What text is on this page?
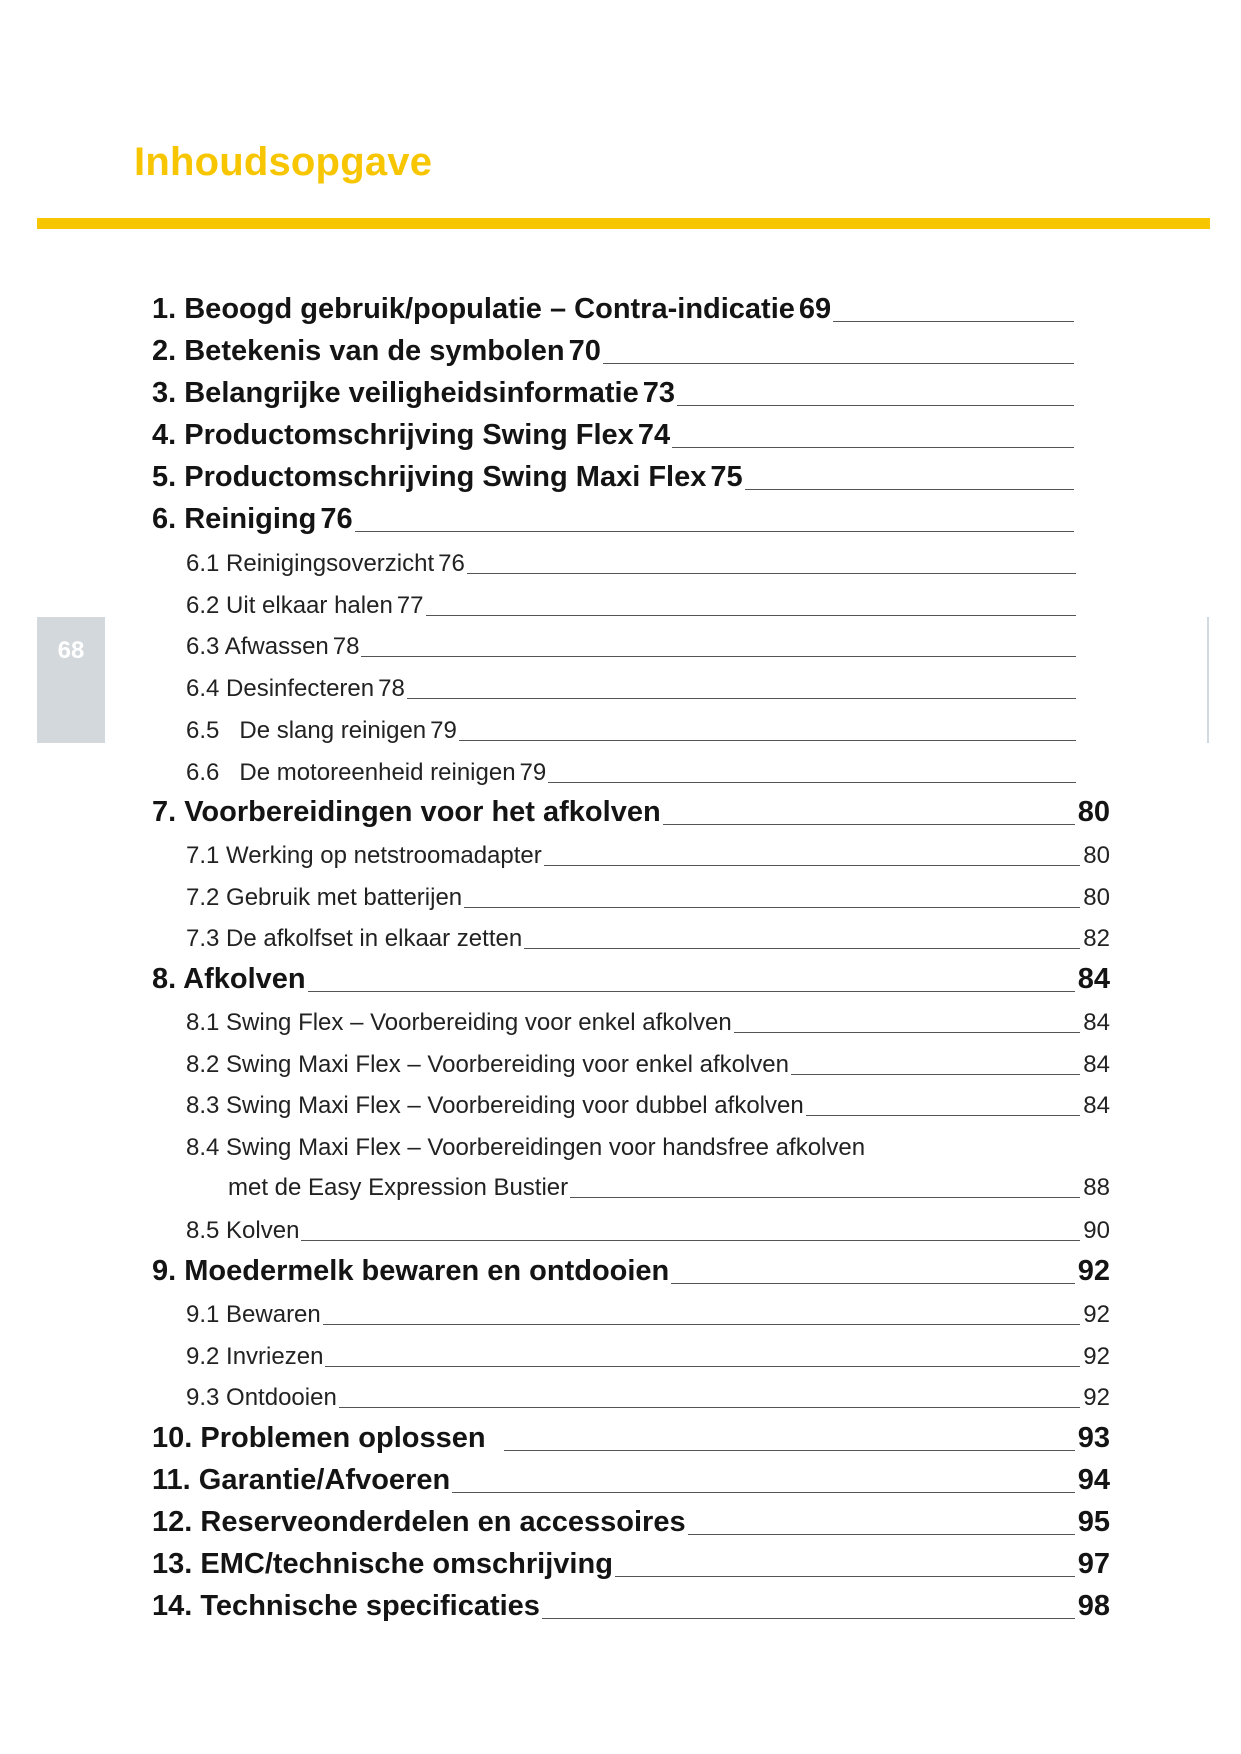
Inhoudsopgave
68
1. Beoogd gebruik/populatie – Contra-indicatie 69
2. Betekenis van de symbolen 70
3. Belangrijke veiligheidsinformatie 73
4. Productomschrijving Swing Flex 74
5. Productomschrijving Swing Maxi Flex 75
6. Reiniging 76
6.1 Reinigingsoverzicht 76
6.2 Uit elkaar halen 77
6.3 Afwassen 78
6.4 Desinfecteren 78
6.5   De slang reinigen 79
6.6   De motoreenheid reinigen 79
7. Voorbereidingen voor het afkolven	80
7.1 Werking op netstroomadapter	80
7.2 Gebruik met batterijen	80
7.3 De afkolfset in elkaar zetten	82
8. Afkolven	84
8.1 Swing Flex – Voorbereiding voor enkel afkolven	84
8.2 Swing Maxi Flex – Voorbereiding voor enkel afkolven	84
8.3 Swing Maxi Flex – Voorbereiding voor dubbel afkolven	84
8.4 Swing Maxi Flex – Voorbereidingen voor handsfree afkolven
met de Easy Expression Bustier	88
8.5 Kolven	90
9. Moedermelk bewaren en ontdooien	92
9.1 Bewaren	92
9.2 Invriezen	92
9.3 Ontdooien	92
10. Problemen oplossen	93
11. Garantie/Afvoeren	94
12. Reserveonderdelen en accessoires	95
13. EMC/technische omschrijving	97
14. Technische specificaties	98
